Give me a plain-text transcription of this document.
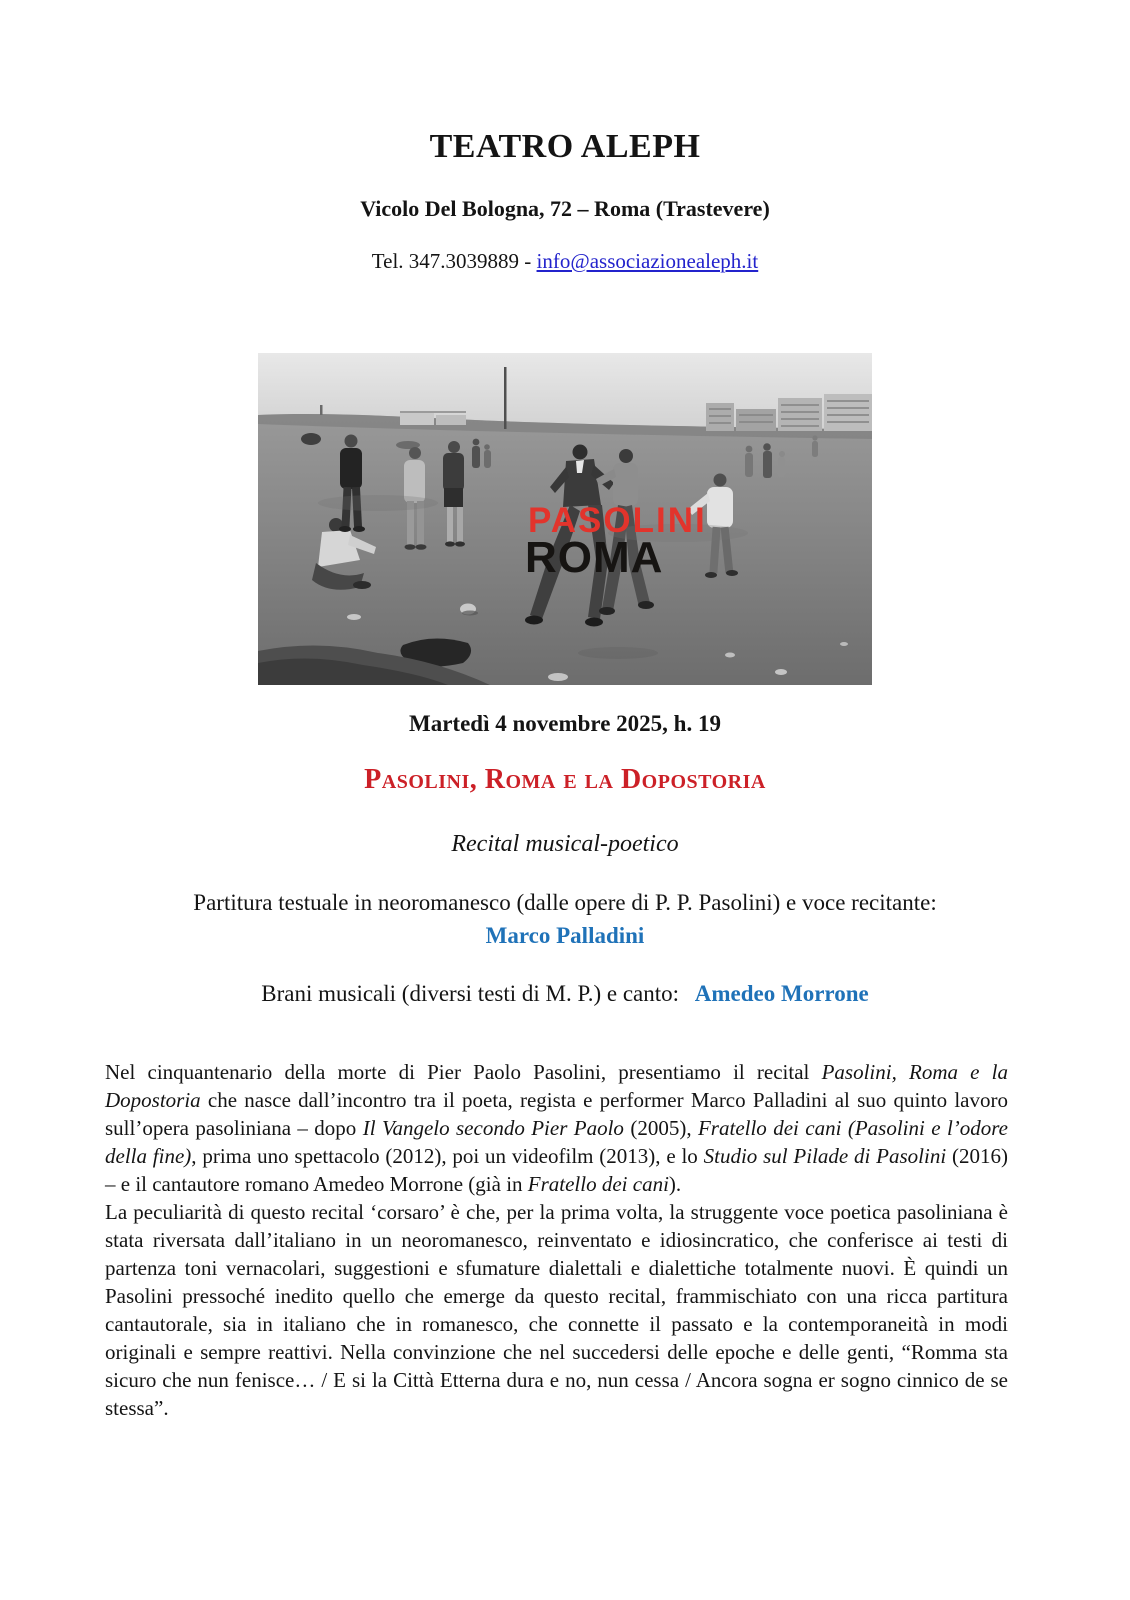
TEATRO ALEPH
Vicolo Del Bologna, 72 – Roma (Trastevere)
Tel. 347.3039889 - info@associazionealeph.it
PASOLINI
ROMA
Martedì 4 novembre 2025, h. 19
Pasolini, Roma e la Dopostoria
Recital musical-poetico
Partitura testuale in neoromanesco (dalle opere di P. P. Pasolini) e voce recitante:
Marco Palladini
Brani musicali (diversi testi di M. P.) e canto: Amedeo Morrone

Nel cinquantenario della morte di Pier Paolo Pasolini, presentiamo il recital Pasolini, Roma e la Dopostoria che nasce dall’incontro tra il poeta, regista e performer Marco Palladini al suo quinto lavoro sull’opera pasoliniana – dopo Il Vangelo secondo Pier Paolo (2005), Fratello dei cani (Pasolini e l’odore della fine), prima uno spettacolo (2012), poi un videofilm (2013), e lo Studio sul Pilade di Pasolini (2016) – e il cantautore romano Amedeo Morrone (già in Fratello dei cani).

La peculiarità di questo recital ‘corsaro’ è che, per la prima volta, la struggente voce poetica pasoliniana è stata riversata dall’italiano in un neoromanesco, reinventato e idiosincratico, che conferisce ai testi di partenza toni vernacolari, suggestioni e sfumature dialettali e dialettiche totalmente nuovi. È quindi un Pasolini pressoché inedito quello che emerge da questo recital, frammischiato con una ricca partitura cantautorale, sia in italiano che in romanesco, che connette il passato e la contemporaneità in modi originali e sempre reattivi. Nella convinzione che nel succedersi delle epoche e delle genti, “Romma sta sicuro che nun fenisce… / E si la Città Etterna dura e no, nun cessa / Ancora sogna er sogno cinnico de se stessa”.
